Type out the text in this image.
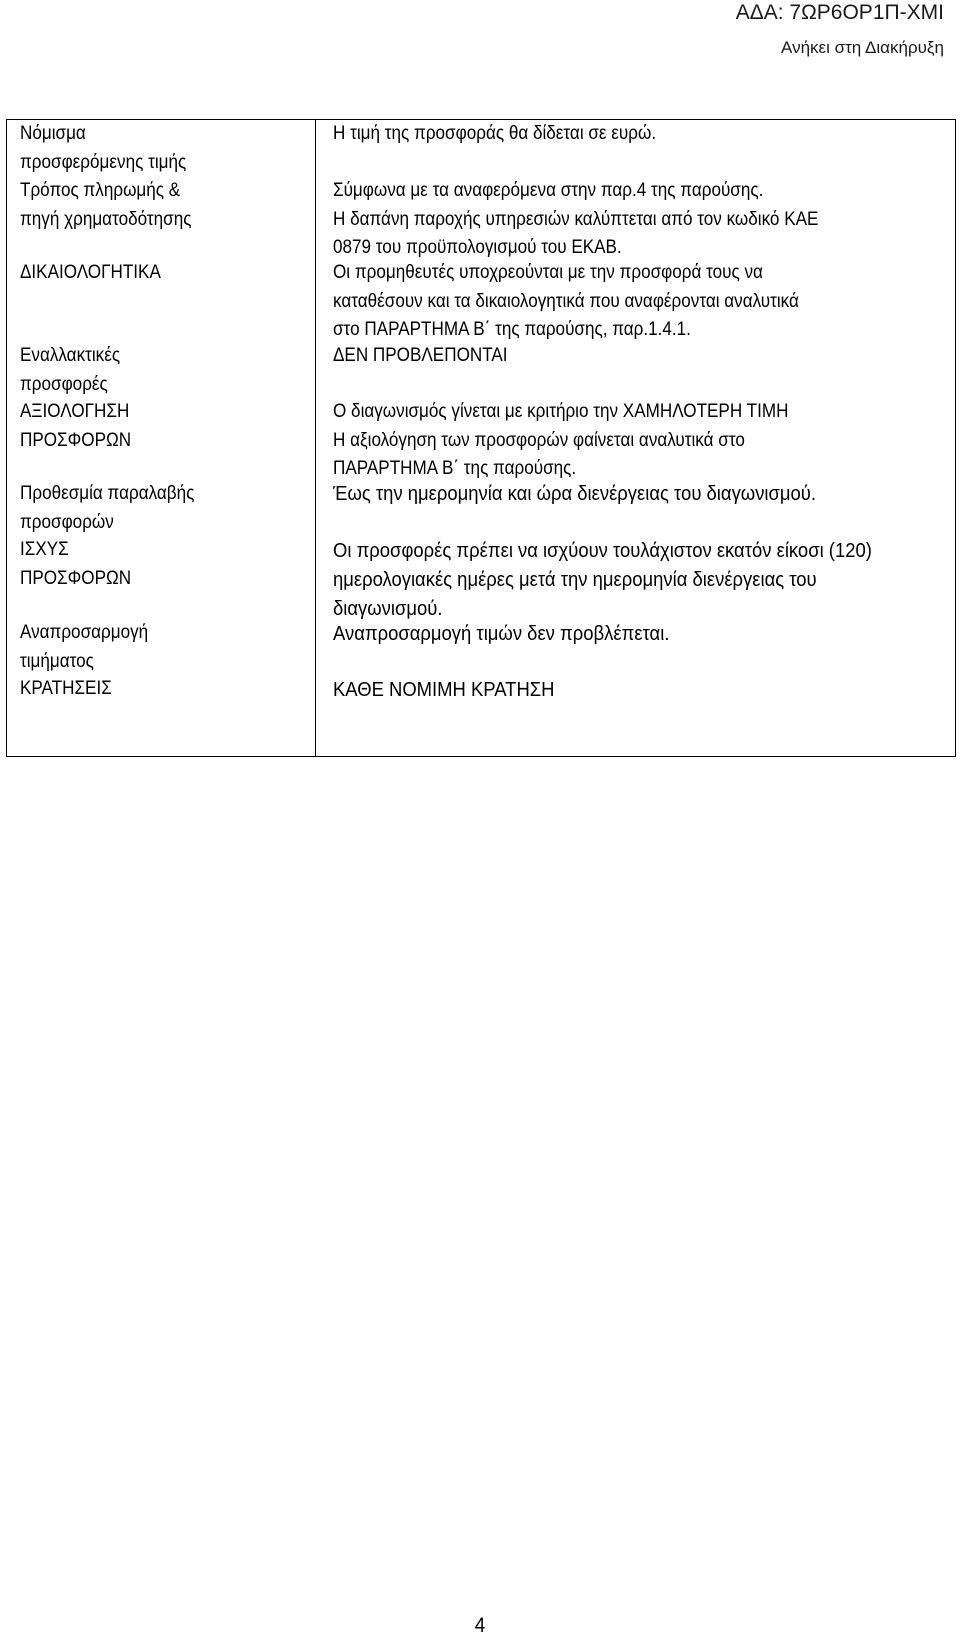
ΑΔΑ: 7ΩΡ6ΟΡ1Π-ΧΜΙ
Ανήκει στη Διακήρυξη
Νόμισμα
προσφερόμενης τιμής
Η τιμή της προσφοράς θα δίδεται σε ευρώ.
Τρόπος πληρωμής &
πηγή χρηματοδότησης
Σύμφωνα με τα αναφερόμενα στην παρ.4 της παρούσης.
Η δαπάνη παροχής υπηρεσιών καλύπτεται από τον κωδικό ΚΑΕ
0879 του προϋπολογισμού του ΕΚΑΒ.
ΔΙΚΑΙΟΛΟΓΗΤΙΚΑ	Οι προμηθευτές υποχρεούνται με την προσφορά τους να
καταθέσουν και τα δικαιολογητικά που αναφέρονται αναλυτικά
στο ΠΑΡΑΡΤΗΜΑ Β΄ της παρούσης, παρ.1.4.1.
Εναλλακτικές
προσφορές
ΔΕΝ ΠΡΟΒΛΕΠΟΝΤΑΙ
ΑΞΙΟΛΟΓΗΣΗ
ΠΡΟΣΦΟΡΩΝ
Ο διαγωνισμός γίνεται με κριτήριο την ΧΑΜΗΛΟΤΕΡΗ ΤΙΜΗ
Η αξιολόγηση των προσφορών φαίνεται αναλυτικά στο
ΠΑΡΑΡΤΗΜΑ Β΄ της παρούσης.
Προθεσμία παραλαβής
προσφορών
Έως την ημερομηνία και ώρα διενέργειας του διαγωνισμού.
ΙΣΧΥΣ
ΠΡΟΣΦΟΡΩΝ
Οι προσφορές πρέπει να ισχύουν τουλάχιστον εκατόν είκοσι (120)
ημερολογιακές ημέρες μετά την ημερομηνία διενέργειας του
διαγωνισμού.
Αναπροσαρμογή
τιμήματος
Αναπροσαρμογή τιμών δεν προβλέπεται.
ΚΡΑΤΗΣΕΙΣ	ΚΑΘΕ ΝΟΜΙΜΗ ΚΡΑΤΗΣΗ
4
